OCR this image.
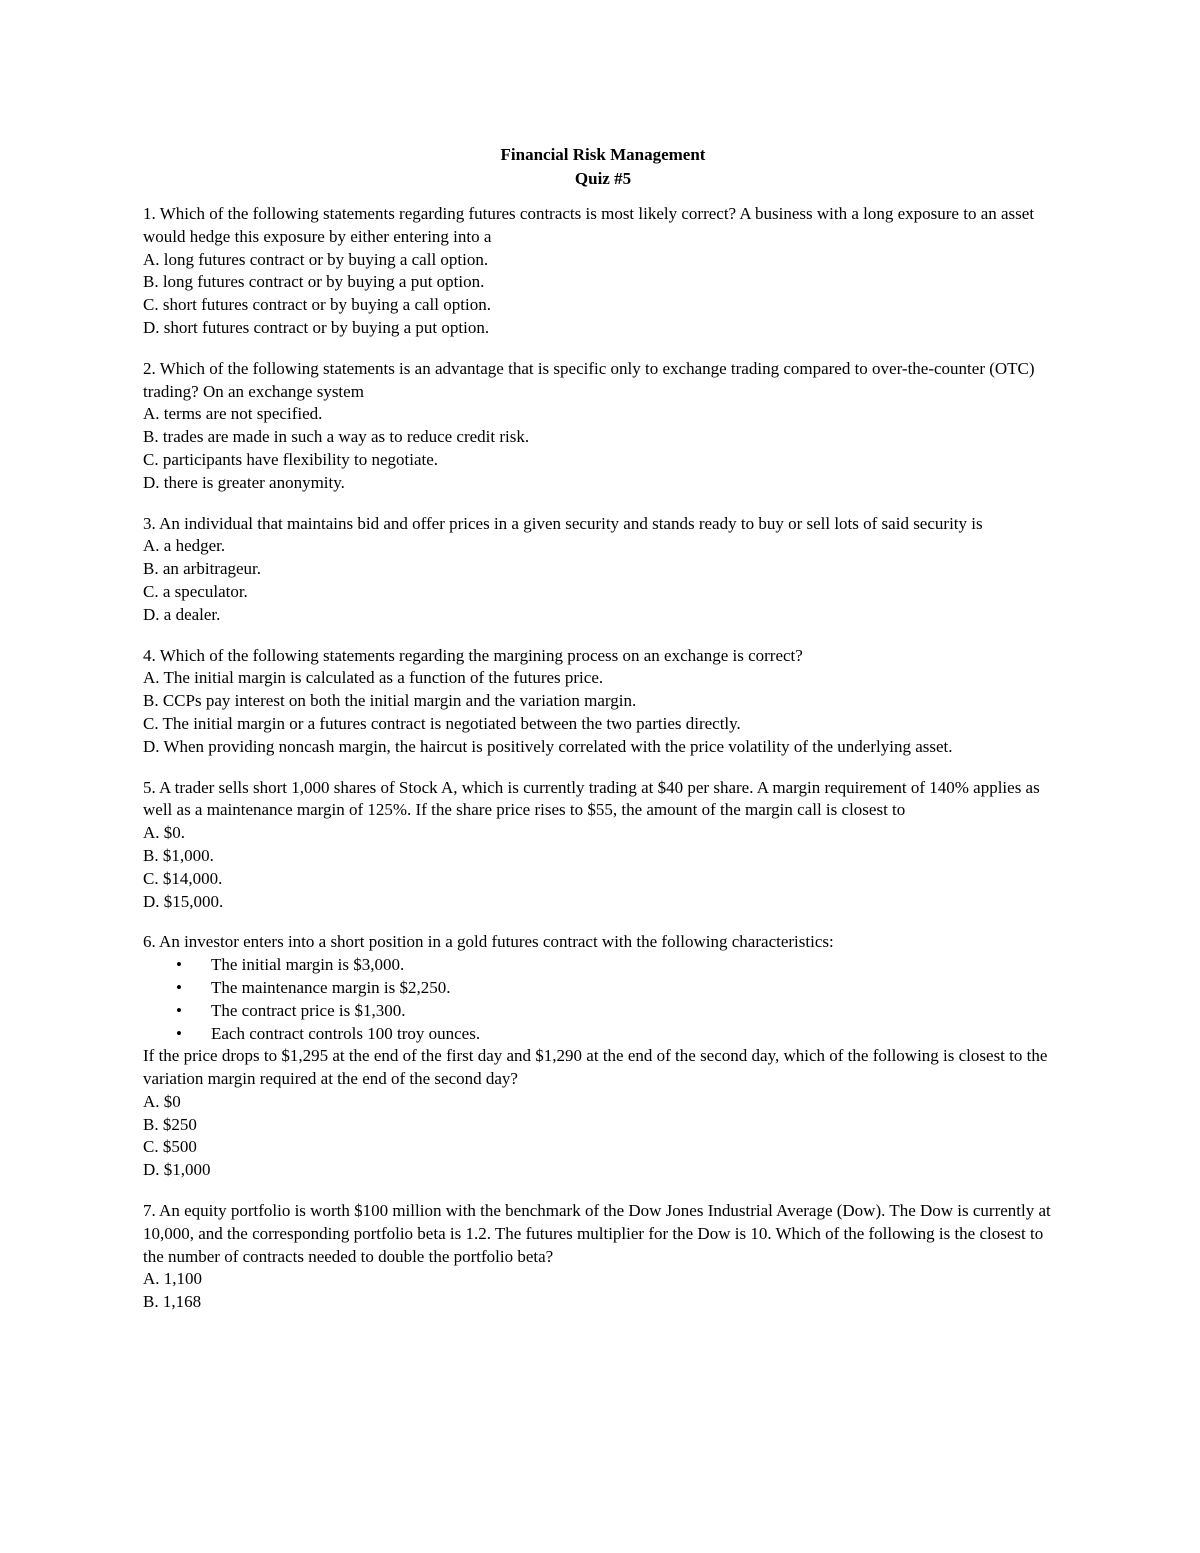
Financial Risk Management
Quiz #5
1. Which of the following statements regarding futures contracts is most likely correct? A business with a long exposure to an asset would hedge this exposure by either entering into a
A. long futures contract or by buying a call option.
B. long futures contract or by buying a put option.
C. short futures contract or by buying a call option.
D. short futures contract or by buying a put option.
2. Which of the following statements is an advantage that is specific only to exchange trading compared to over-the-counter (OTC) trading? On an exchange system
A. terms are not specified.
B. trades are made in such a way as to reduce credit risk.
C. participants have flexibility to negotiate.
D. there is greater anonymity.
3. An individual that maintains bid and offer prices in a given security and stands ready to buy or sell lots of said security is
A. a hedger.
B. an arbitrageur.
C. a speculator.
D. a dealer.
4. Which of the following statements regarding the margining process on an exchange is correct?
A. The initial margin is calculated as a function of the futures price.
B. CCPs pay interest on both the initial margin and the variation margin.
C. The initial margin or a futures contract is negotiated between the two parties directly.
D. When providing noncash margin, the haircut is positively correlated with the price volatility of the underlying asset.
5. A trader sells short 1,000 shares of Stock A, which is currently trading at $40 per share. A margin requirement of 140% applies as well as a maintenance margin of 125%. If the share price rises to $55, the amount of the margin call is closest to
A. $0.
B. $1,000.
C. $14,000.
D. $15,000.
6. An investor enters into a short position in a gold futures contract with the following characteristics:
• The initial margin is $3,000.
• The maintenance margin is $2,250.
• The contract price is $1,300.
• Each contract controls 100 troy ounces.
If the price drops to $1,295 at the end of the first day and $1,290 at the end of the second day, which of the following is closest to the variation margin required at the end of the second day?
A. $0
B. $250
C. $500
D. $1,000
7. An equity portfolio is worth $100 million with the benchmark of the Dow Jones Industrial Average (Dow). The Dow is currently at 10,000, and the corresponding portfolio beta is 1.2. The futures multiplier for the Dow is 10. Which of the following is the closest to the number of contracts needed to double the portfolio beta?
A. 1,100
B. 1,168
